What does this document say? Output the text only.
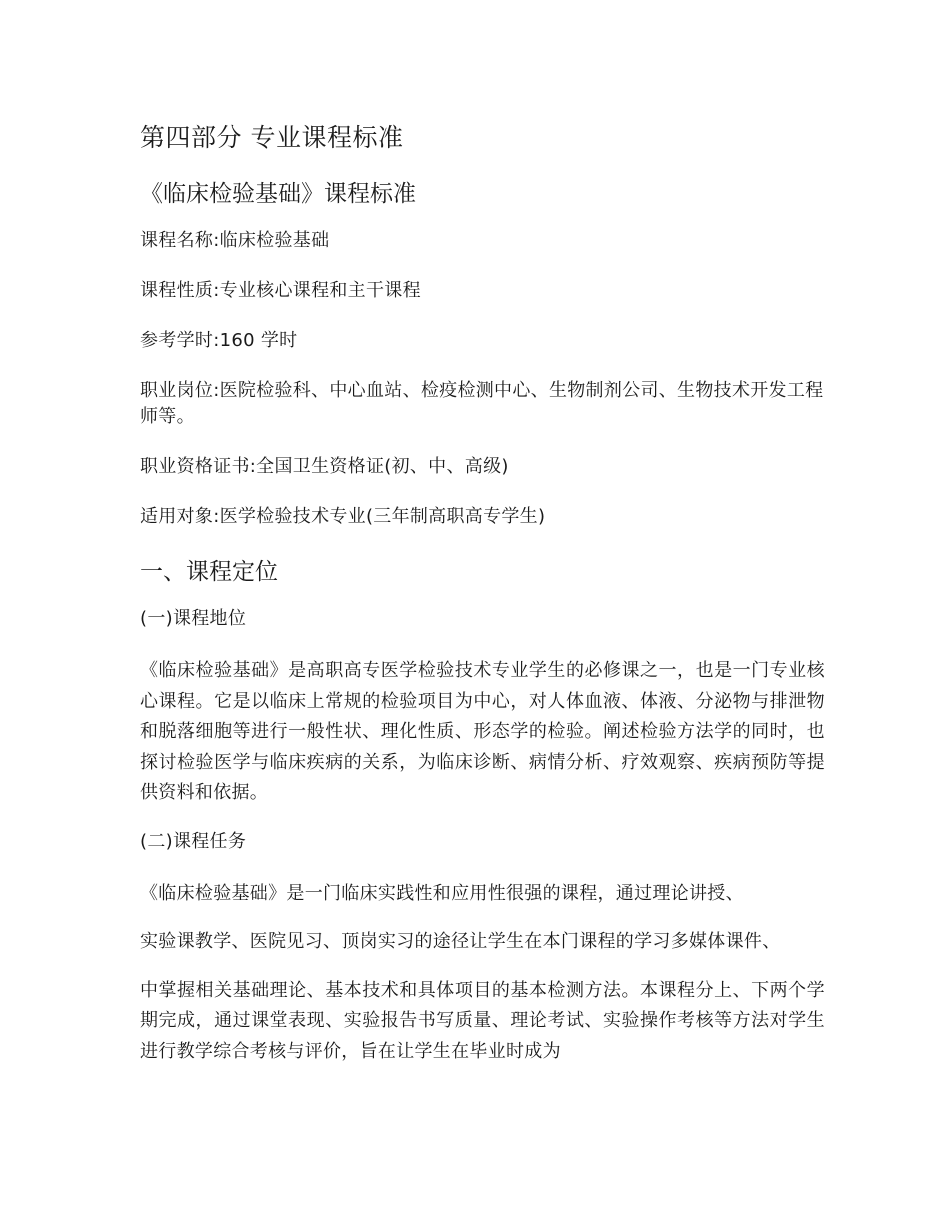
第四部分 专业课程标准
《临床检验基础》课程标准
课程名称:临床检验基础
课程性质:专业核心课程和主干课程
参考学时:160 学时
职业岗位:医院检验科、中心血站、检疫检测中心、生物制剂公司、生物技术开发工程师等。
职业资格证书:全国卫生资格证(初、中、高级)
适用对象:医学检验技术专业(三年制高职高专学生)
一、课程定位
(一)课程地位
《临床检验基础》是高职高专医学检验技术专业学生的必修课之一，也是一门专业核心课程。它是以临床上常规的检验项目为中心，对人体血液、体液、分泌物与排泄物和脱落细胞等进行一般性状、理化性质、形态学的检验。阐述检验方法学的同时，也探讨检验医学与临床疾病的关系，为临床诊断、病情分析、疗效观察、疾病预防等提供资料和依据。
(二)课程任务
《临床检验基础》是一门临床实践性和应用性很强的课程，通过理论讲授、
实验课教学、医院见习、顶岗实习的途径让学生在本门课程的学习多媒体课件、
中掌握相关基础理论、基本技术和具体项目的基本检测方法。本课程分上、下两个学期完成，通过课堂表现、实验报告书写质量、理论考试、实验操作考核等方法对学生进行教学综合考核与评价，旨在让学生在毕业时成为
